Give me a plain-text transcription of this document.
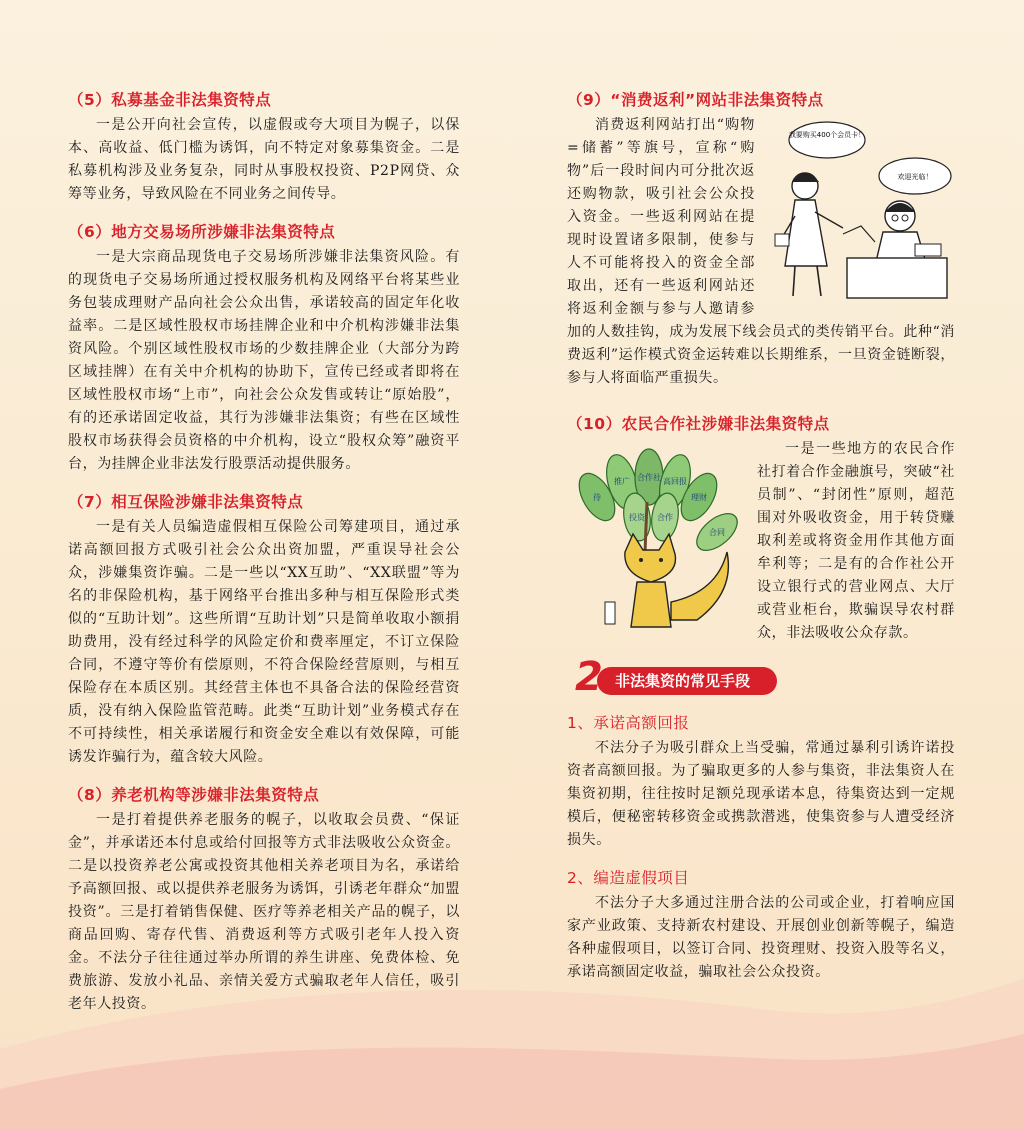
（5）私募基金非法集资特点

一是公开向社会宣传，以虚假或夸大项目为幌子，以保本、高收益、低门槛为诱饵，向不特定对象募集资金。二是私募机构涉及业务复杂，同时从事股权投资、P2P网贷、众筹等业务，导致风险在不同业务之间传导。

（6）地方交易场所涉嫌非法集资特点

一是大宗商品现货电子交易场所涉嫌非法集资风险。有的现货电子交易场所通过授权服务机构及网络平台将某些业务包装成理财产品向社会公众出售，承诺较高的固定年化收益率。二是区域性股权市场挂牌企业和中介机构涉嫌非法集资风险。个别区域性股权市场的少数挂牌企业（大部分为跨区域挂牌）在有关中介机构的协助下，宣传已经或者即将在区域性股权市场“上市”，向社会公众发售或转让“原始股”，有的还承诺固定收益，其行为涉嫌非法集资；有些在区域性股权市场获得会员资格的中介机构，设立“股权众筹”融资平台，为挂牌企业非法发行股票活动提供服务。

（7）相互保险涉嫌非法集资特点

一是有关人员编造虚假相互保险公司筹建项目，通过承诺高额回报方式吸引社会公众出资加盟，严重误导社会公众，涉嫌集资诈骗。二是一些以“XX互助”、“XX联盟”等为名的非保险机构，基于网络平台推出多种与相互保险形式类似的“互助计划”。这些所谓“互助计划”只是简单收取小额捐助费用，没有经过科学的风险定价和费率厘定，不订立保险合同，不遵守等价有偿原则，不符合保险经营原则，与相互保险存在本质区别。其经营主体也不具备合法的保险经营资质，没有纳入保险监管范畴。此类“互助计划”业务模式存在不可持续性，相关承诺履行和资金安全难以有效保障，可能诱发诈骗行为，蕴含较大风险。

（8）养老机构等涉嫌非法集资特点

一是打着提供养老服务的幌子，以收取会员费、“保证金”，并承诺还本付息或给付回报等方式非法吸收公众资金。二是以投资养老公寓或投资其他相关养老项目为名，承诺给予高额回报、或以提供养老服务为诱饵，引诱老年群众“加盟投资”。三是打着销售保健、医疗等养老相关产品的幌子，以商品回购、寄存代售、消费返利等方式吸引老年人投入资金。不法分子往往通过举办所谓的养生讲座、免费体检、免费旅游、发放小礼品、亲情关爱方式骗取老年人信任，吸引老年人投资。

（9）“消费返利”网站非法集资特点
我要购买400个会员卡！
欢迎光临！

消费返利网站打出“购物=储蓄”等旗号，宣称“购物”后一段时间内可分批次返还购物款，吸引社会公众投入资金。一些返利网站在提现时设置诸多限制，使参与人不可能将投入的资金全部取出，还有一些返利网站还将返利金额与参与人邀请参加的人数挂钩，成为发展下线会员式的类传销平台。此种“消费返利”运作模式资金运转难以长期维系，一旦资金链断裂，参与人将面临严重损失。

（10）农民合作社涉嫌非法集资特点
待
推广 合作社 高回报
理财
投资 合作
合同

一是一些地方的农民合作社打着合作金融旗号，突破“社员制”、“封闭性”原则，超范围对外吸收资金，用于转贷赚取利差或将资金用作其他方面牟利等；二是有的合作社公开设立银行式的营业网点、大厅或营业柜台，欺骗误导农村群众，非法吸收公众存款。

非法集资的常见手段
2
1、承诺高额回报

不法分子为吸引群众上当受骗，常通过暴利引诱许诺投资者高额回报。为了骗取更多的人参与集资，非法集资人在集资初期，往往按时足额兑现承诺本息，待集资达到一定规模后，便秘密转移资金或携款潜逃，使集资参与人遭受经济损失。

2、编造虚假项目

不法分子大多通过注册合法的公司或企业，打着响应国家产业政策、支持新农村建设、开展创业创新等幌子，编造各种虚假项目，以签订合同、投资理财、投资入股等名义，承诺高额固定收益，骗取社会公众投资。
